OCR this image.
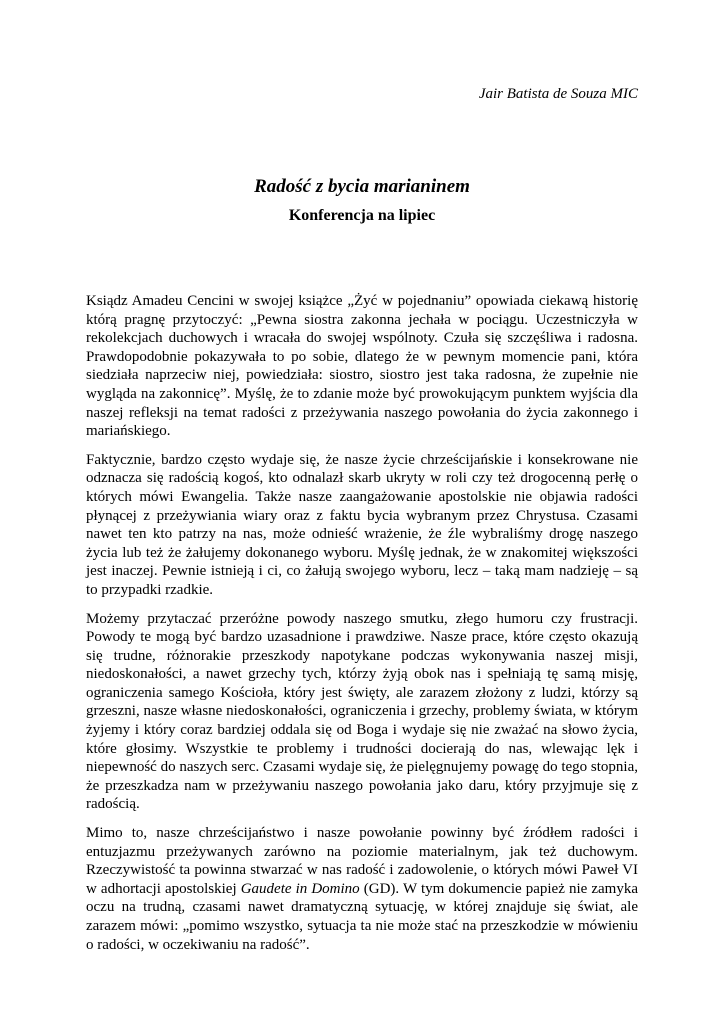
Jair Batista de Souza MIC

Radość z bycia marianinem
Konferencja na lipiec

Ksiądz Amadeu Cencini w swojej książce „Żyć w pojednaniu” opowiada ciekawą historię którą pragnę przytoczyć: „Pewna siostra zakonna jechała w pociągu. Uczestniczyła w rekolekcjach duchowych i wracała do swojej wspólnoty. Czuła się szczęśliwa i radosna. Prawdopodobnie pokazywała to po sobie, dlatego że w pewnym momencie pani, która siedziała naprzeciw niej, powiedziała: siostro, siostro jest taka radosna, że zupełnie nie wygląda na zakonnicę”. Myślę, że to zdanie może być prowokującym punktem wyjścia dla naszej refleksji na temat radości z przeżywania naszego powołania do życia zakonnego i mariańskiego.

Faktycznie, bardzo często wydaje się, że nasze życie chrześcijańskie i konsekrowane nie odznacza się radością kogoś, kto odnalazł skarb ukryty w roli czy też drogocenną perłę o których mówi Ewangelia. Także nasze zaangażowanie apostolskie nie objawia radości płynącej z przeżywiania wiary oraz z faktu bycia wybranym przez Chrystusa. Czasami nawet ten kto patrzy na nas, może odnieść wrażenie, że źle wybraliśmy drogę naszego życia lub też że żałujemy dokonanego wyboru. Myślę jednak, że w znakomitej większości jest inaczej. Pewnie istnieją i ci, co żałują swojego wyboru, lecz – taką mam nadzieję – są to przypadki rzadkie.

Możemy przytaczać przeróżne powody naszego smutku, złego humoru czy frustracji. Powody te mogą być bardzo uzasadnione i prawdziwe. Nasze prace, które często okazują się trudne, różnorakie przeszkody napotykane podczas wykonywania naszej misji, niedoskonałości, a nawet grzechy tych, którzy żyją obok nas i spełniają tę samą misję, ograniczenia samego Kościoła, który jest święty, ale zarazem złożony z ludzi, którzy są grzeszni, nasze własne niedoskonałości, ograniczenia i grzechy, problemy świata, w którym żyjemy i który coraz bardziej oddala się od Boga i wydaje się nie zważać na słowo życia, które głosimy. Wszystkie te problemy i trudności docierają do nas, wlewając lęk i niepewność do naszych serc. Czasami wydaje się, że pielęgnujemy powagę do tego stopnia, że przeszkadza nam w przeżywaniu naszego powołania jako daru, który przyjmuje się z radością.

Mimo to, nasze chrześcijaństwo i nasze powołanie powinny być źródłem radości i entuzjazmu przeżywanych zarówno na poziomie materialnym, jak też duchowym. Rzeczywistość ta powinna stwarzać w nas radość i zadowolenie, o których mówi Paweł VI w adhortacji apostolskiej Gaudete in Domino (GD). W tym dokumencie papież nie zamyka oczu na trudną, czasami nawet dramatyczną sytuację, w której znajduje się świat, ale zarazem mówi: „pomimo wszystko, sytuacja ta nie może stać na przeszkodzie w mówieniu o radości, w oczekiwaniu na radość”.
